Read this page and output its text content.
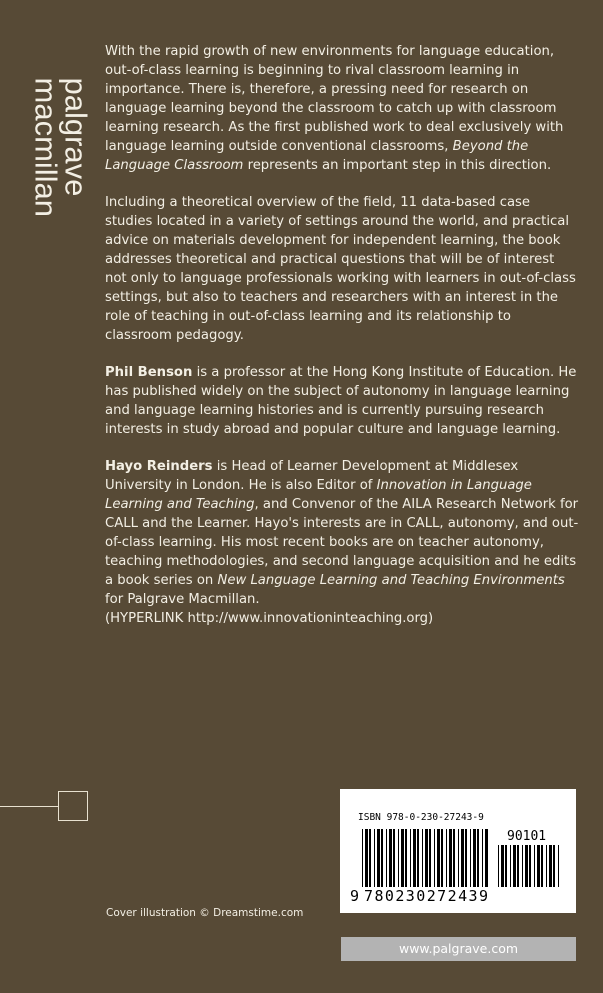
palgrave
macmillan

With the rapid growth of new environments for language education, out-of-class learning is beginning to rival classroom learning in importance. There is, therefore, a pressing need for research on language learning beyond the classroom to catch up with classroom learning research. As the first published work to deal exclusively with language learning outside conventional classrooms, Beyond the Language Classroom represents an important step in this direction.

Including a theoretical overview of the field, 11 data-based case studies located in a variety of settings around the world, and practical advice on materials development for independent learning, the book addresses theoretical and practical questions that will be of interest not only to language professionals working with learners in out-of-class settings, but also to teachers and researchers with an interest in the role of teaching in out-of-class learning and its relationship to classroom pedagogy.

Phil Benson is a professor at the Hong Kong Institute of Education. He has published widely on the subject of autonomy in language learning and language learning histories and is currently pursuing research interests in study abroad and popular culture and language learning.

Hayo Reinders is Head of Learner Development at Middlesex University in London. He is also Editor of Innovation in Language Learning and Teaching, and Convenor of the AILA Research Network for CALL and the Learner. Hayo's interests are in CALL, autonomy, and out-of-class learning. His most recent books are on teacher autonomy, teaching methodologies, and second language acquisition and he edits a book series on New Language Learning and Teaching Environments for Palgrave Macmillan.
(HYPERLINK http://www.innovationinteaching.org)

ISBN 978-0-230-27243-9
90101
9 780230272439
Cover illustration © Dreamstime.com
www.palgrave.com
